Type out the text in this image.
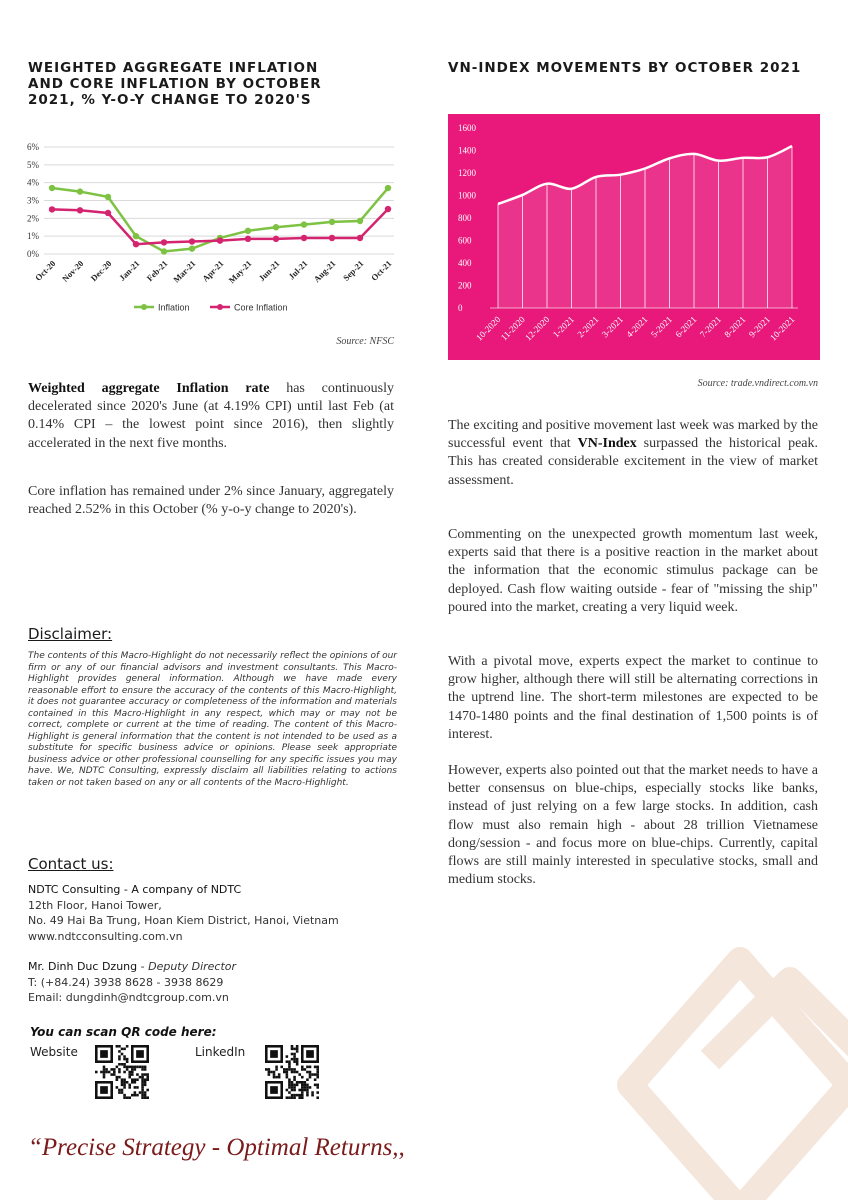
WEIGHTED AGGREGATE INFLATION AND CORE INFLATION BY OCTOBER 2021, % Y-O-Y CHANGE TO 2020'S
0%
1%
2%
3%
4%
5%
6%
Oct-20 Nov-20 Dec-20 Jan-21 Feb-21 Mar-21 Apr-21 May-21 Jun-21 Jul-21 Aug-21 Sep-21 Oct-21
Inflation	Core Inflation
Source: NFSC
VN-INDEX MOVEMENTS BY OCTOBER 2021
0
200
400
600
800
1000
1200
1400
1600
10-2020
11-2020
12-2020 1-2021 2-2021 3-2021 4-2021 5-2021 6-2021 7-2021 8-2021 9-2021
10-2021
Source: trade.vndirect.com.vn
Weighted aggregate Inflation rate has continuously decelerated since 2020's June (at 4.19% CPI) until last Feb (at 0.14% CPI – the lowest point since 2016), then slightly accelerated in the next five months.
Core inflation has remained under 2% since January, aggregately reached 2.52% in this October (% y-o-y change to 2020's).
The exciting and positive movement last week was marked by the successful event that VN-Index surpassed the historical peak. This has created considerable excitement in the view of market assessment.
Commenting on the unexpected growth momentum last week, experts said that there is a positive reaction in the market about the information that the economic stimulus package can be deployed. Cash flow waiting outside - fear of "missing the ship" poured into the market, creating a very liquid week.
With a pivotal move, experts expect the market to continue to grow higher, although there will still be alternating corrections in the uptrend line. The short-term milestones are expected to be 1470-1480 points and the final destination of 1,500 points is of interest.
However, experts also pointed out that the market needs to have a better consensus on blue-chips, especially stocks like banks, instead of just relying on a few large stocks. In addition, cash flow must also remain high - about 28 trillion Vietnamese dong/session - and focus more on blue-chips. Currently, capital flows are still mainly interested in speculative stocks, small and medium stocks.
Disclaimer:
The contents of this Macro-Highlight do not necessarily reflect the opinions of our firm or any of our financial advisors and investment consultants. This Macro-Highlight provides general information. Although we have made every reasonable effort to ensure the accuracy of the contents of this Macro-Highlight, it does not guarantee accuracy or completeness of the information and materials contained in this Macro-Highlight in any respect, which may or may not be correct, complete or current at the time of reading. The content of this Macro-Highlight is general information that the content is not intended to be used as a substitute for specific business advice or opinions. Please seek appropriate business advice or other professional counselling for any specific issues you may have. We, NDTC Consulting, expressly disclaim all liabilities relating to actions taken or not taken based on any or all contents of the Macro-Highlight.
Contact us:
NDTC Consulting - A company of NDTC
12th Floor, Hanoi Tower,
No. 49 Hai Ba Trung, Hoan Kiem District, Hanoi, Vietnam
www.ndtcconsulting.com.vn
Mr. Dinh Duc Dzung - Deputy Director
T: (+84.24) 3938 8628 - 3938 8629
Email: dungdinh@ndtcgroup.com.vn
You can scan QR code here:
Website	LinkedIn
“Precise Strategy - Optimal Returns,,
